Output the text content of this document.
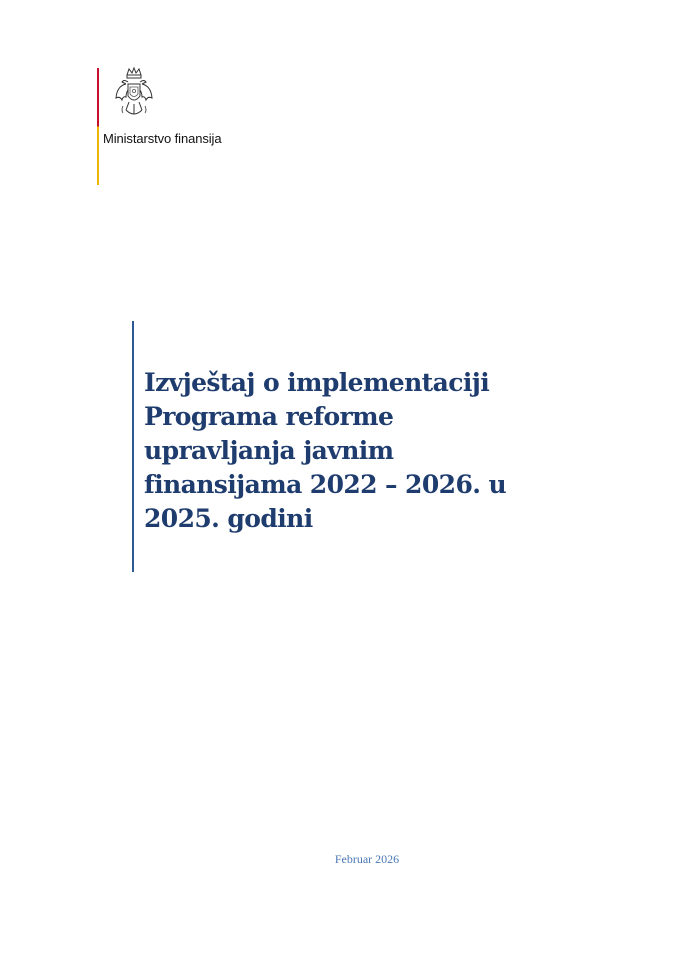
Ministarstvo finansija
Izvještaj o implementaciji
Programa reforme
upravljanja javnim
finansijama 2022 – 2026. u
2025. godini
Februar 2026
